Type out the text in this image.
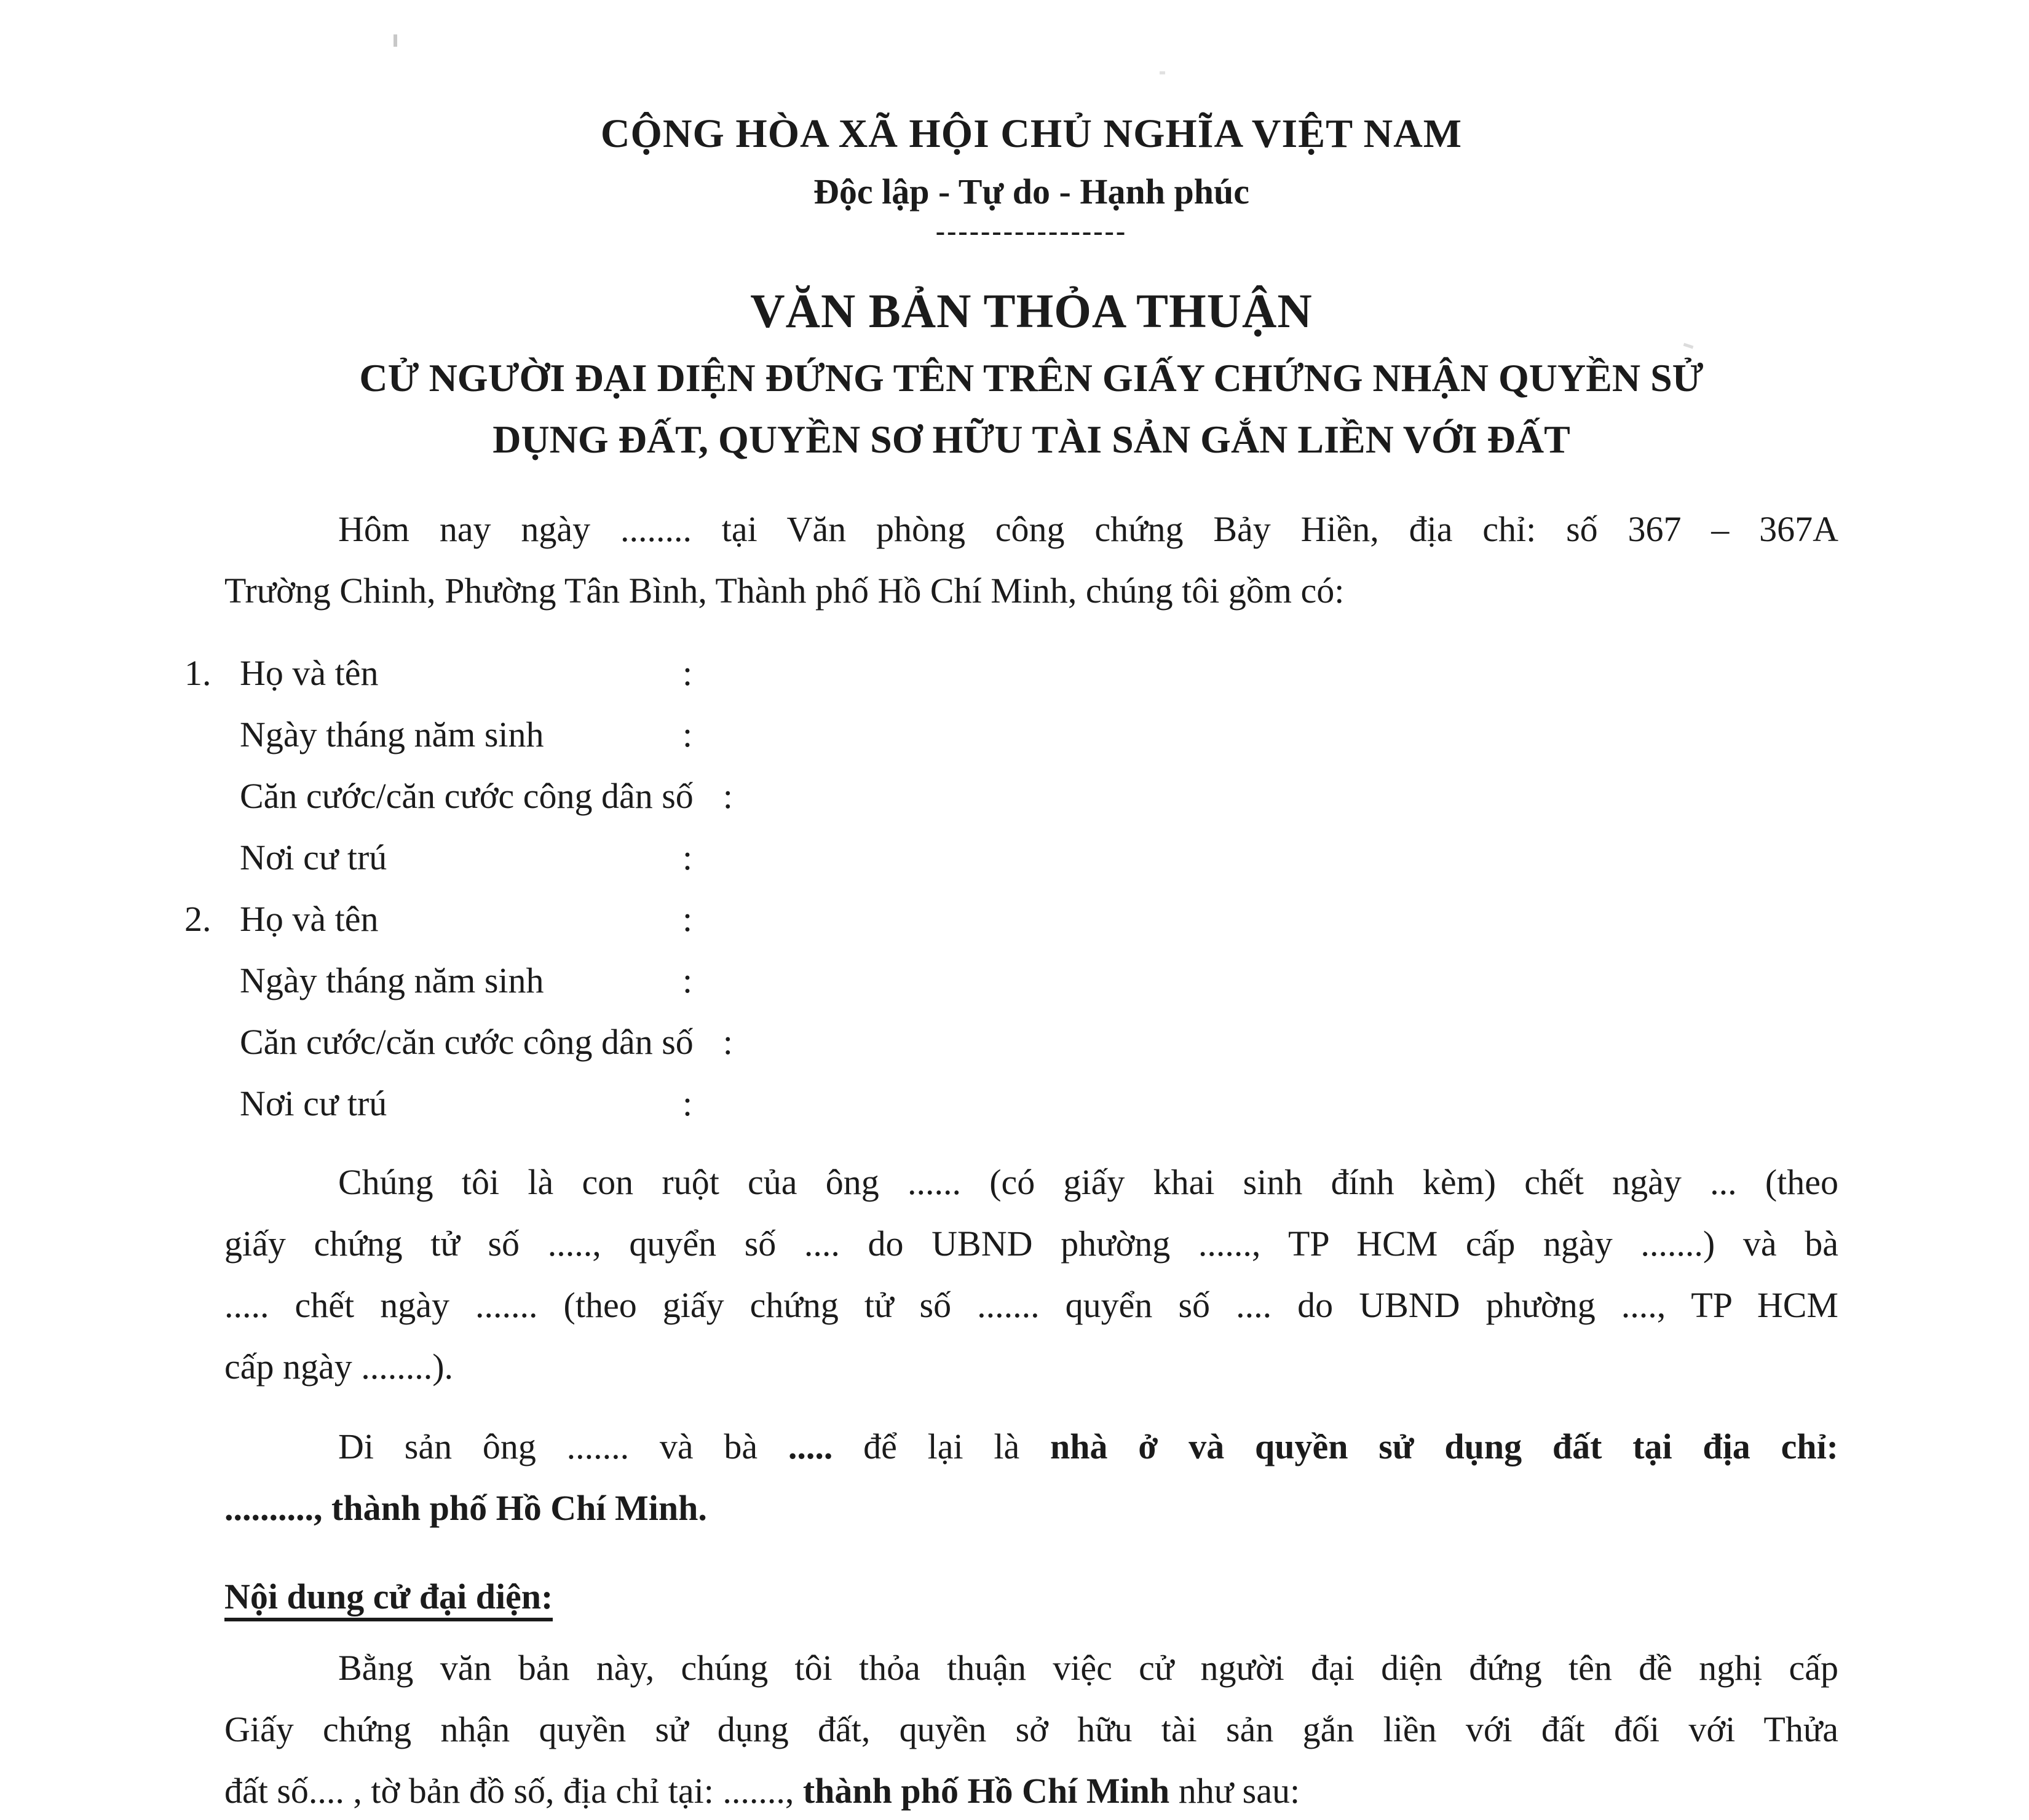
CỘNG HÒA XÃ HỘI CHỦ NGHĨA VIỆT NAM
Độc lập - Tự do - Hạnh phúc
-----------------
VĂN BẢN THỎA THUẬN
CỬ NGƯỜI ĐẠI DIỆN ĐỨNG TÊN TRÊN GIẤY CHỨNG NHẬN QUYỀN SỬ
DỤNG ĐẤT, QUYỀN SƠ HỮU TÀI SẢN GẮN LIỀN VỚI ĐẤT
Hôm nay ngày ........ tại Văn phòng công chứng Bảy Hiền, địa chỉ: số 367 – 367A
Trường Chinh, Phường Tân Bình, Thành phố Hồ Chí Minh, chúng tôi gồm có:
1. Họ và tên	:
Ngày tháng năm sinh	:
Căn cước/căn cước công dân số :
Nơi cư trú	:
2. Họ và tên	:
Ngày tháng năm sinh	:
Căn cước/căn cước công dân số :
Nơi cư trú	:
Chúng tôi là con ruột của ông ...... (có giấy khai sinh đính kèm) chết ngày ... (theo
giấy chứng tử số ....., quyển số .... do UBND phường ......, TP HCM cấp ngày .......) và bà
..... chết ngày ....... (theo giấy chứng tử số ....... quyển số .... do UBND phường ...., TP HCM
cấp ngày ........).
Di sản ông ....... và bà ..... để lại là nhà ở và quyền sử dụng đất tại địa chỉ:
.........., thành phố Hồ Chí Minh.
Nội dung cử đại diện:
Bằng văn bản này, chúng tôi thỏa thuận việc cử người đại diện đứng tên đề nghị cấp
Giấy chứng nhận quyền sử dụng đất, quyền sở hữu tài sản gắn liền với đất đối với Thửa
đất số.... , tờ bản đồ số, địa chỉ tại: ......., thành phố Hồ Chí Minh như sau:
